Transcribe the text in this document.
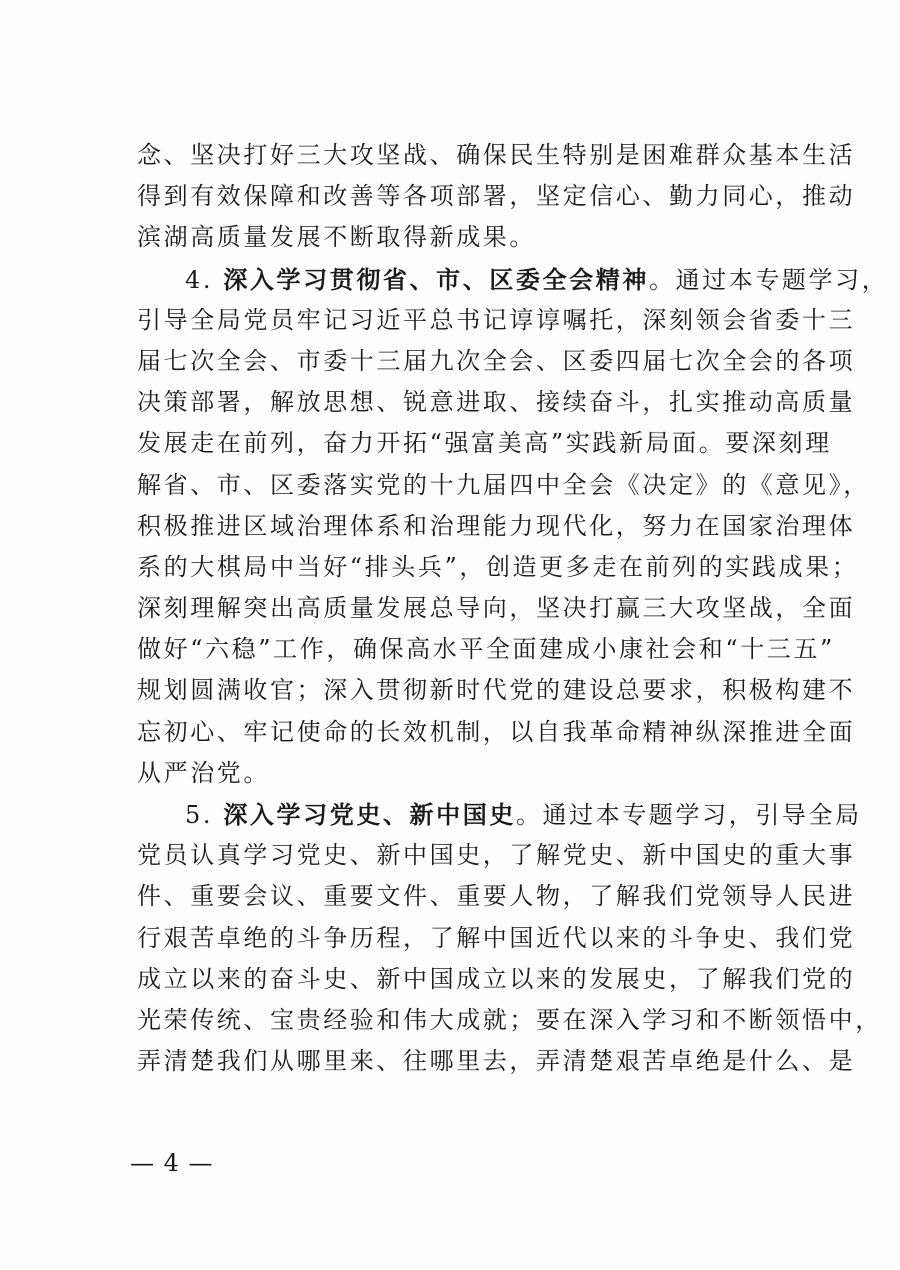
念、坚决打好三大攻坚战、确保民生特别是困难群众基本生活
得到有效保障和改善等各项部署，坚定信心、勤力同心，推动
滨湖高质量发展不断取得新成果。
4. 深入学习贯彻省、市、区委全会精神。通过本专题学习，
引导全局党员牢记习近平总书记谆谆嘱托，深刻领会省委十三
届七次全会、市委十三届九次全会、区委四届七次全会的各项
决策部署，解放思想、锐意进取、接续奋斗，扎实推动高质量
发展走在前列，奋力开拓“强富美高”实践新局面。要深刻理
解省、市、区委落实党的十九届四中全会《决定》的《意见》，
积极推进区域治理体系和治理能力现代化，努力在国家治理体
系的大棋局中当好“排头兵”，创造更多走在前列的实践成果；
深刻理解突出高质量发展总导向，坚决打赢三大攻坚战，全面
做好“六稳”工作，确保高水平全面建成小康社会和“十三五”
规划圆满收官；深入贯彻新时代党的建设总要求，积极构建不
忘初心、牢记使命的长效机制，以自我革命精神纵深推进全面
从严治党。
5. 深入学习党史、新中国史。通过本专题学习，引导全局
党员认真学习党史、新中国史，了解党史、新中国史的重大事
件、重要会议、重要文件、重要人物，了解我们党领导人民进
行艰苦卓绝的斗争历程，了解中国近代以来的斗争史、我们党
成立以来的奋斗史、新中国成立以来的发展史，了解我们党的
光荣传统、宝贵经验和伟大成就；要在深入学习和不断领悟中，
弄清楚我们从哪里来、往哪里去，弄清楚艰苦卓绝是什么、是
— 4 —
